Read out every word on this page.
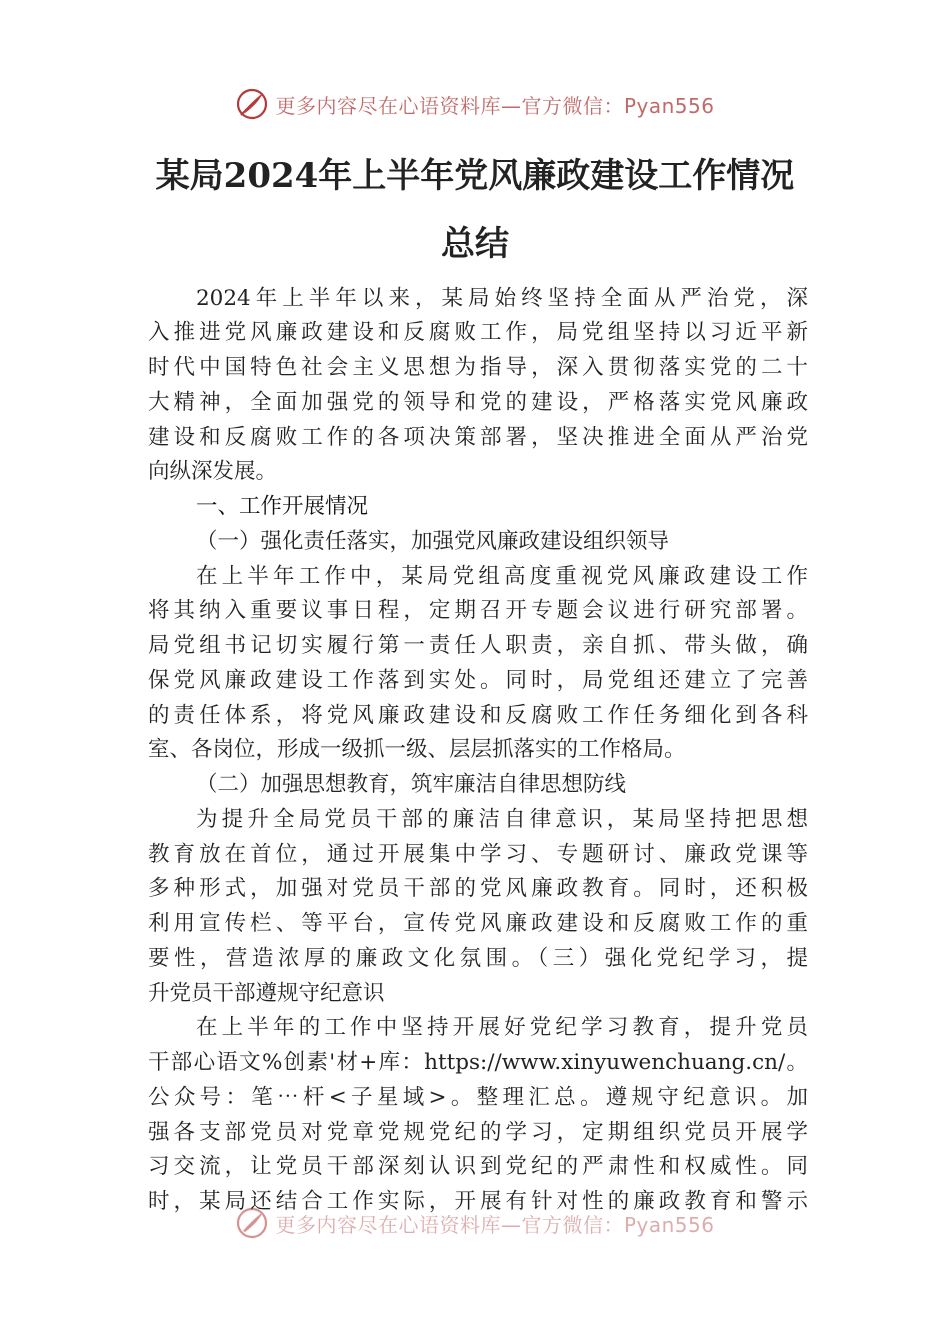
更多内容尽在心语资料库—官方微信：Pyan556
某局2024年上半年党风廉政建设工作情况
总结
2024年上半年以来，某局始终坚持全面从严治党，深
入推进党风廉政建设和反腐败工作，局党组坚持以习近平新
时代中国特色社会主义思想为指导，深入贯彻落实党的二十
大精神，全面加强党的领导和党的建设，严格落实党风廉政
建设和反腐败工作的各项决策部署，坚决推进全面从严治党
向纵深发展。
一、工作开展情况
（一）强化责任落实，加强党风廉政建设组织领导
在上半年工作中，某局党组高度重视党风廉政建设工作
将其纳入重要议事日程，定期召开专题会议进行研究部署。
局党组书记切实履行第一责任人职责，亲自抓、带头做，确
保党风廉政建设工作落到实处。同时，局党组还建立了完善
的责任体系，将党风廉政建设和反腐败工作任务细化到各科
室、各岗位，形成一级抓一级、层层抓落实的工作格局。
（二）加强思想教育，筑牢廉洁自律思想防线
为提升全局党员干部的廉洁自律意识，某局坚持把思想
教育放在首位，通过开展集中学习、专题研讨、廉政党课等
多种形式，加强对党员干部的党风廉政教育。同时，还积极
利用宣传栏、等平台，宣传党风廉政建设和反腐败工作的重
要性，营造浓厚的廉政文化氛围。（三）强化党纪学习，提
升党员干部遵规守纪意识
在上半年的工作中坚持开展好党纪学习教育，提升党员
干部心语文%创素'材+库：https://www.xinyuwenchuang.cn/。
公众号：笔⋯杆<子星域>。整理汇总。遵规守纪意识。加
强各支部党员对党章党规党纪的学习，定期组织党员开展学
习交流，让党员干部深刻认识到党纪的严肃性和权威性。同
时，某局还结合工作实际，开展有针对性的廉政教育和警示
更多内容尽在心语资料库—官方微信：Pyan556
